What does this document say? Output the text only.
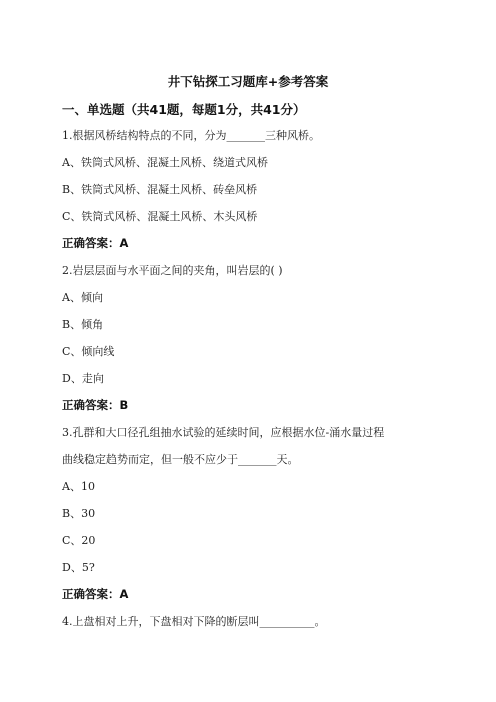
井下钻探工习题库+参考答案
一、单选题（共41题，每题1分，共41分）
1.根据风桥结构特点的不同，分为_______三种风桥。
A、铁筒式风桥、混凝土风桥、绕道式风桥
B、铁筒式风桥、混凝土风桥、砖垒风桥
C、铁筒式风桥、混凝土风桥、木头风桥
正确答案：A
2.岩层层面与水平面之间的夹角，叫岩层的( )
A、倾向
B、倾角
C、倾向线
D、走向
正确答案：B
3.孔群和大口径孔组抽水试验的延续时间，应根据水位-涌水量过程
曲线稳定趋势而定，但一般不应少于_______天。
A、10
B、30
C、20
D、5?
正确答案：A
4.上盘相对上升，下盘相对下降的断层叫__________。
